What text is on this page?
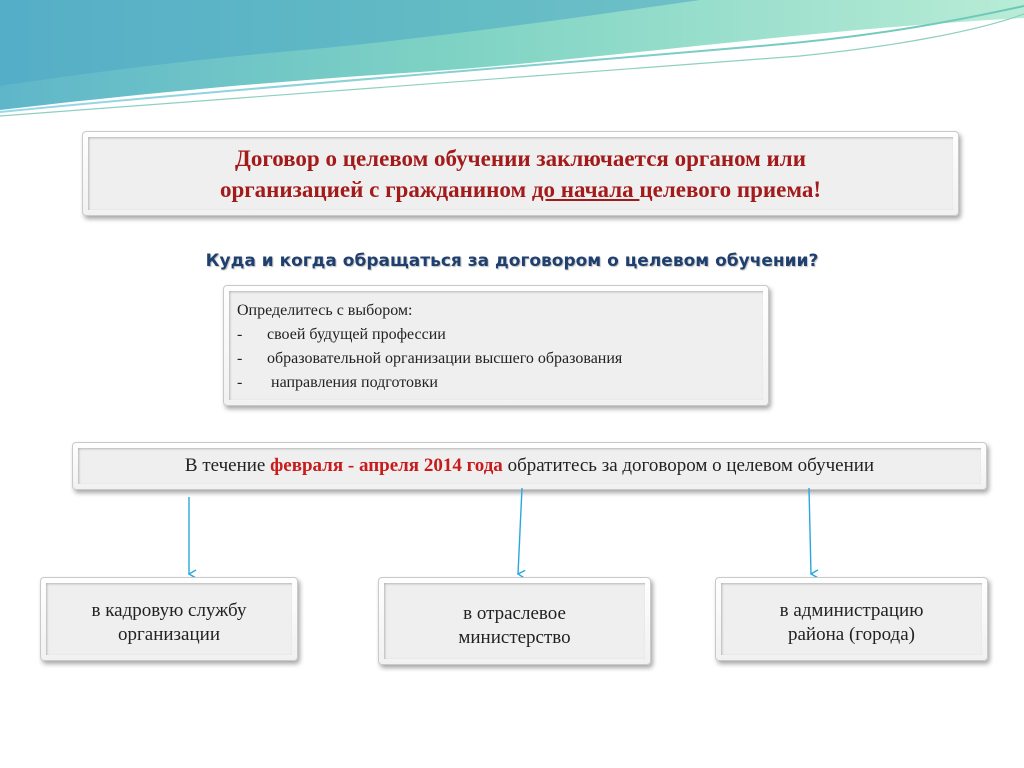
Договор о целевом обучении заключается органом или
организацией с гражданином до начала целевого приема!
Куда и когда обращаться за договором о целевом обучении?
Определитесь с выбором:
-	своей будущей профессии
-	образовательной организации высшего образования
-	направления подготовки
В течение февраля - апреля 2014 года обратитесь за договором о целевом обучении
в кадровую службу
организации
в отраслевое
министерство
в администрацию
района (города)
